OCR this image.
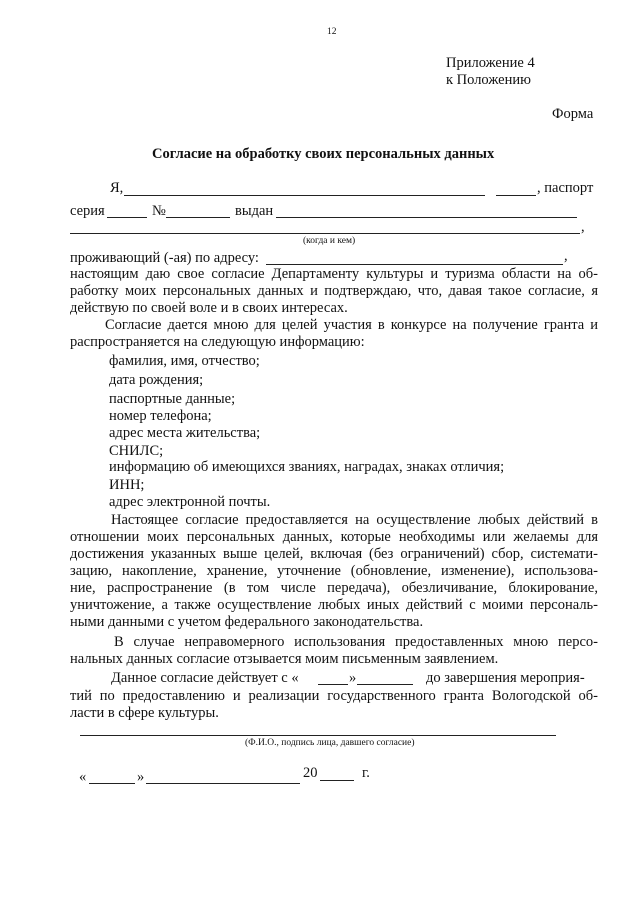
12
Приложение 4
к Положению
Форма
Согласие на обработку своих персональных данных
Я,	, паспорт
серия	№	выдан
,
(когда и кем)
проживающий (-ая) по адресу:	,
настоящим даю свое согласие Департаменту культуры и туризма области на об-
работку моих персональных данных и подтверждаю, что, давая такое согласие, я
действую по своей воле и в своих интересах.
Согласие дается мною для целей участия в конкурсе на получение гранта и
распространяется на следующую информацию:
фамилия, имя, отчество;
дата рождения;
паспортные данные;
номер телефона;
адрес места жительства;
СНИЛС;
информацию об имеющихся званиях, наградах, знаках отличия;
ИНН;
адрес электронной почты.
Настоящее согласие предоставляется на осуществление любых действий в
отношении моих персональных данных, которые необходимы или желаемы для
достижения указанных выше целей, включая (без ограничений) сбор, системати-
зацию, накопление, хранение, уточнение (обновление, изменение), использова-
ние, распространение (в том числе передача), обезличивание, блокирование,
уничтожение, а также осуществление любых иных действий с моими персональ-
ными данными с учетом федерального законодательства.
В случае неправомерного использования предоставленных мною персо-
нальных данных согласие отзывается моим письменным заявлением.
Данное согласие действует с «	»	до завершения мероприя-
тий по предоставлению и реализации государственного гранта Вологодской об-
ласти в сфере культуры.
(Ф.И.О., подпись лица, давшего согласие)
«	»	20	г.
